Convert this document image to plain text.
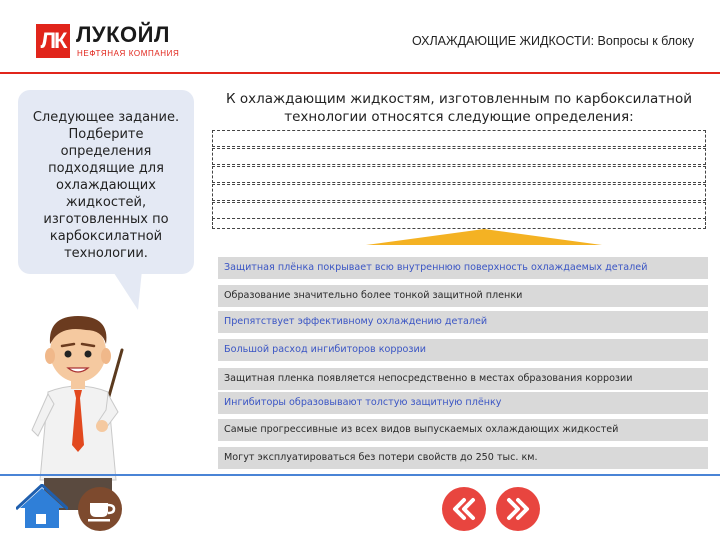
ЛК ЛУКОЙЛ
НЕФТЯНАЯ КОМПАНИЯ
ОХЛАЖДАЮЩИЕ ЖИДКОСТИ: Вопросы к блоку
Следующее задание. Подберите определения подходящие для охлаждающих жидкостей, изготовленных по карбоксилатной технологии.
К охлаждающим жидкостям, изготовленным по карбоксилатной технологии относятся следующие определения:
Защитная плёнка покрывает всю внутреннюю поверхность охлаждаемых деталей
Образование значительно более тонкой защитной пленки
Препятствует эффективному охлаждению деталей
Большой расход ингибиторов коррозии
Защитная пленка появляется непосредственно в местах образования коррозии
Ингибиторы образовывают толстую защитную плёнку
Самые прогрессивные из всех видов выпускаемых охлаждающих жидкостей
Могут эксплуатироваться без потери свойств до 250 тыс. км.
